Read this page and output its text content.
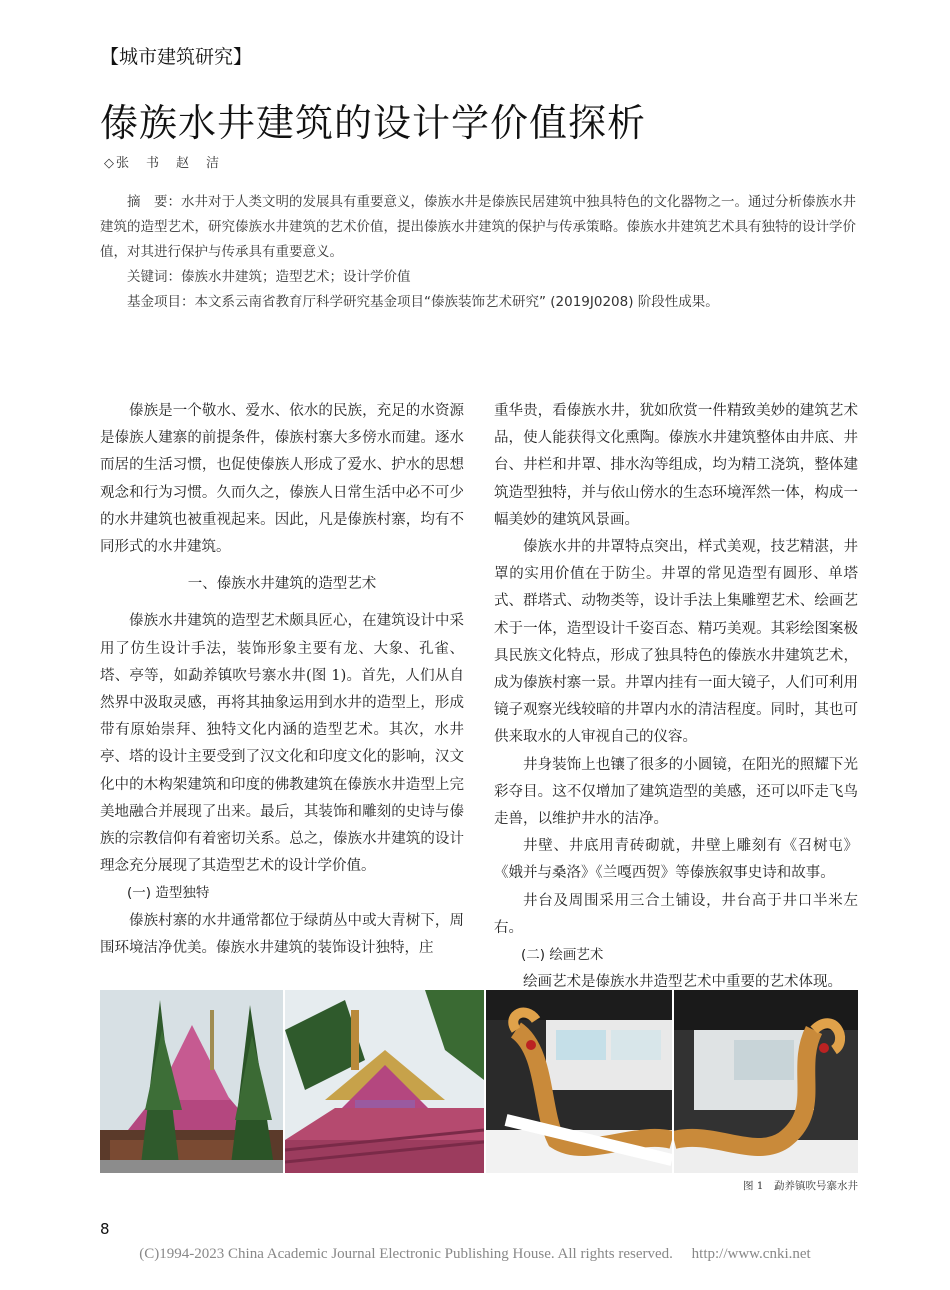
【城市建筑研究】
傣族水井建筑的设计学价值探析
◇张　书　赵　洁

摘　要：水井对于人类文明的发展具有重要意义，傣族水井是傣族民居建筑中独具特色的文化器物之一。通过分析傣族水井建筑的造型艺术，研究傣族水井建筑的艺术价值，提出傣族水井建筑的保护与传承策略。傣族水井建筑艺术具有独特的设计学价值，对其进行保护与传承具有重要意义。

关键词：傣族水井建筑；造型艺术；设计学价值

基金项目：本文系云南省教育厅科学研究基金项目“傣族装饰艺术研究” (2019J0208) 阶段性成果。

傣族是一个敬水、爱水、依水的民族，充足的水资源是傣族人建寨的前提条件，傣族村寨大多傍水而建。逐水而居的生活习惯，也促使傣族人形成了爱水、护水的思想观念和行为习惯。久而久之，傣族人日常生活中必不可少的水井建筑也被重视起来。因此，凡是傣族村寨，均有不同形式的水井建筑。

一、傣族水井建筑的造型艺术

傣族水井建筑的造型艺术颇具匠心，在建筑设计中采用了仿生设计手法，装饰形象主要有龙、大象、孔雀、塔、亭等，如勐养镇吹号寨水井(图 1)。首先，人们从自然界中汲取灵感，再将其抽象运用到水井的造型上，形成带有原始崇拜、独特文化内涵的造型艺术。其次，水井亭、塔的设计主要受到了汉文化和印度文化的影响，汉文化中的木构架建筑和印度的佛教建筑在傣族水井造型上完美地融合并展现了出来。最后，其装饰和雕刻的史诗与傣族的宗教信仰有着密切关系。总之，傣族水井建筑的设计理念充分展现了其造型艺术的设计学价值。

(一) 造型独特

傣族村寨的水井通常都位于绿荫丛中或大青树下，周围环境洁净优美。傣族水井建筑的装饰设计独特，庄

重华贵，看傣族水井，犹如欣赏一件精致美妙的建筑艺术品，使人能获得文化熏陶。傣族水井建筑整体由井底、井台、井栏和井罩、排水沟等组成，均为精工浇筑，整体建筑造型独特，并与依山傍水的生态环境浑然一体，构成一幅美妙的建筑风景画。

傣族水井的井罩特点突出，样式美观，技艺精湛，井罩的实用价值在于防尘。井罩的常见造型有圆形、单塔式、群塔式、动物类等，设计手法上集雕塑艺术、绘画艺术于一体，造型设计千姿百态、精巧美观。其彩绘图案极具民族文化特点，形成了独具特色的傣族水井建筑艺术，成为傣族村寨一景。井罩内挂有一面大镜子，人们可利用镜子观察光线较暗的井罩内水的清洁程度。同时，其也可供来取水的人审视自己的仪容。

井身装饰上也镶了很多的小圆镜，在阳光的照耀下光彩夺目。这不仅增加了建筑造型的美感，还可以吓走飞鸟走兽，以维护井水的洁净。

井壁、井底用青砖砌就，井壁上雕刻有《召树屯》《娥并与桑洛》《兰嘎西贺》等傣族叙事史诗和故事。

井台及周围采用三合土铺设，井台高于井口半米左右。

(二) 绘画艺术

绘画艺术是傣族水井造型艺术中重要的艺术体现。

图 1　勐养镇吹号寨水井
8
(C)1994-2023 China Academic Journal Electronic Publishing House. All rights reserved.　 http://www.cnki.net
